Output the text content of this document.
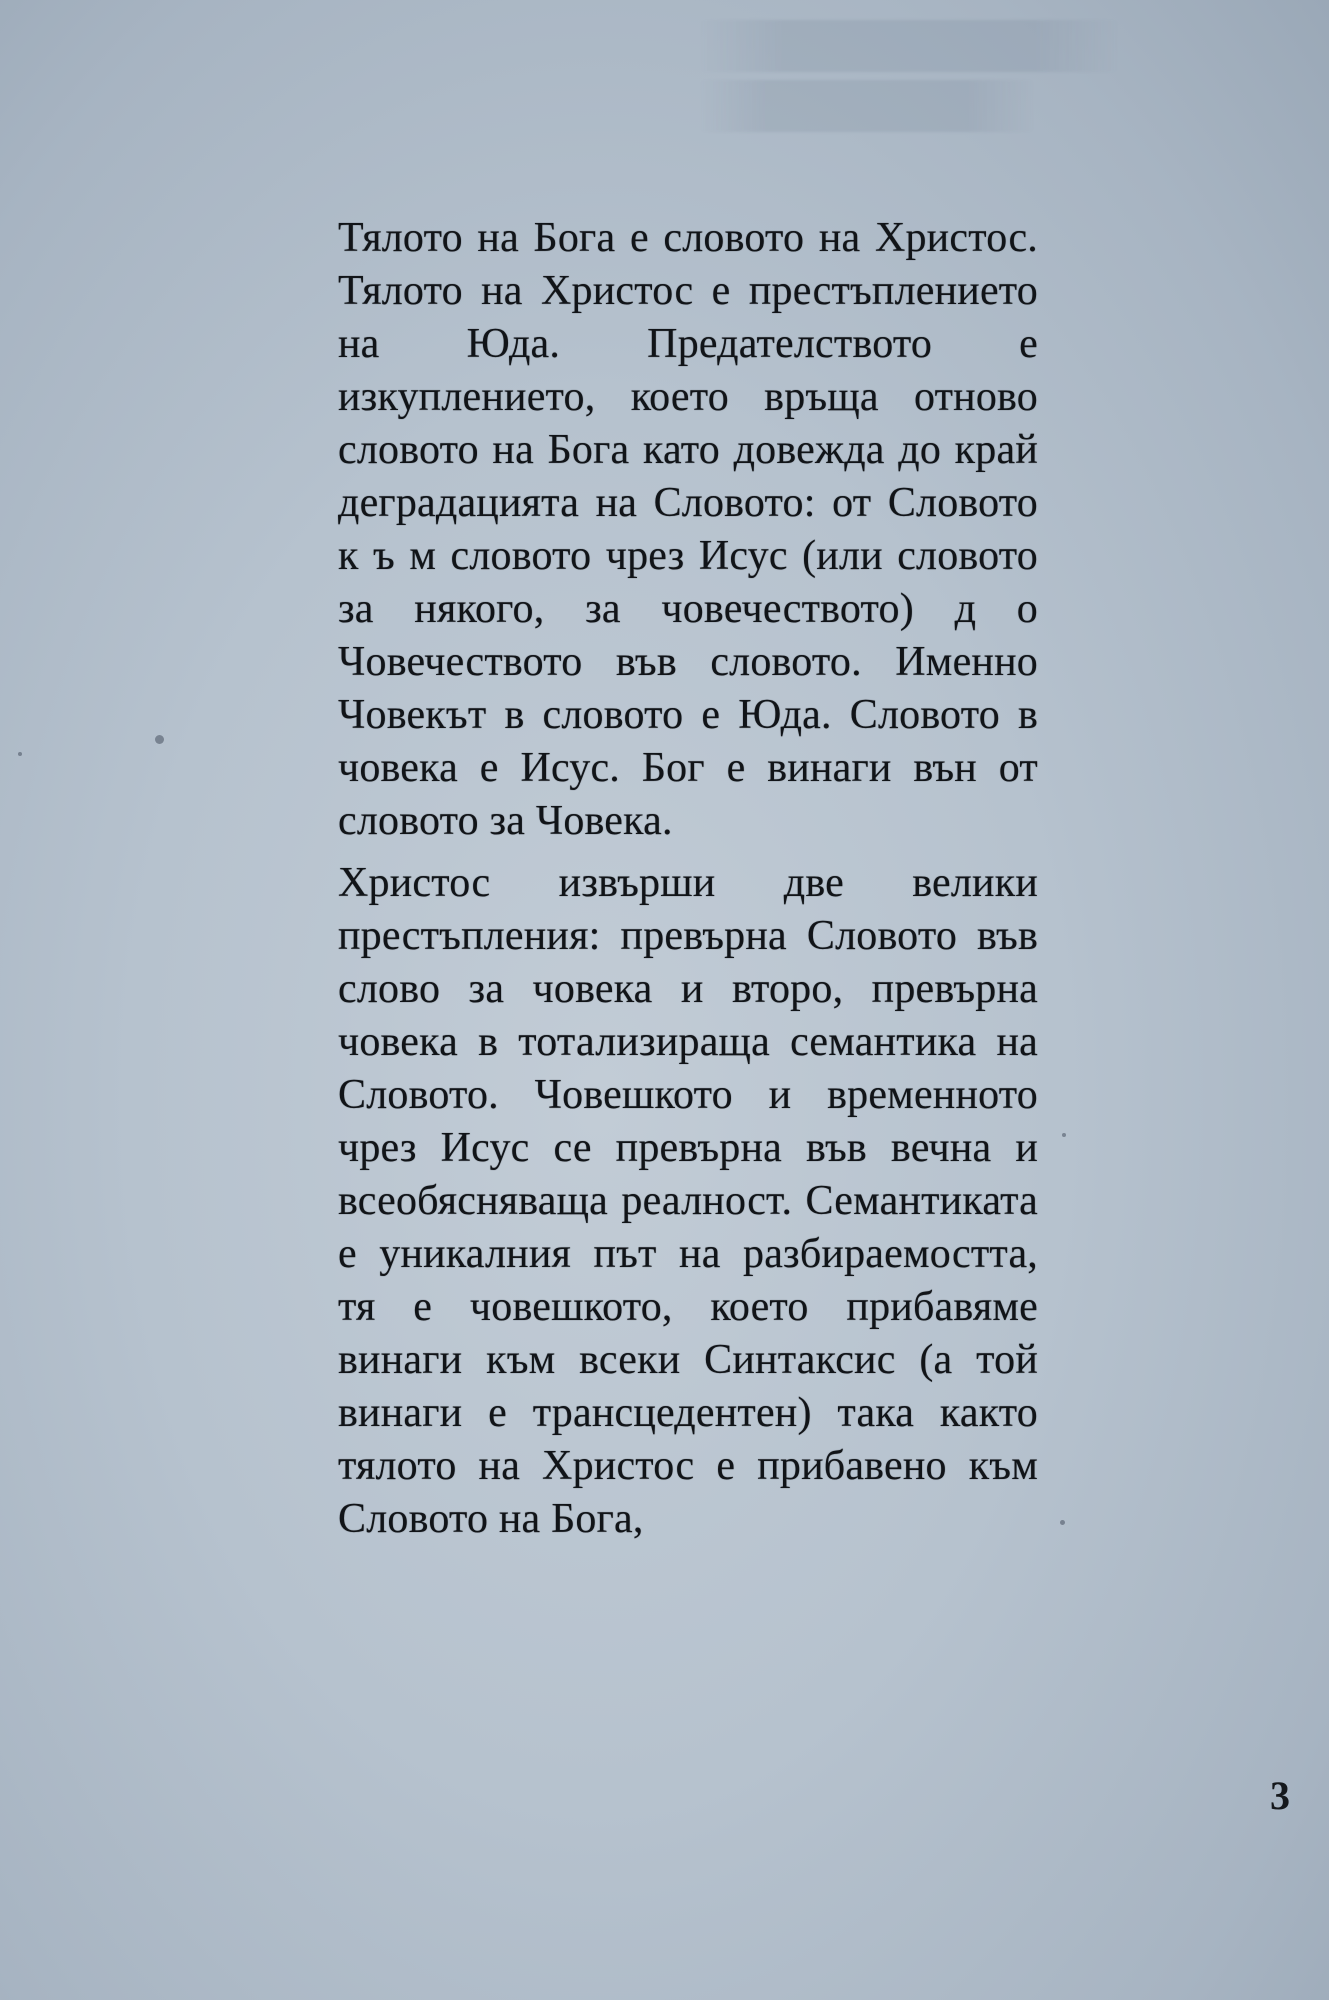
Тялото на Бога е словото на Христос. Тялото на Христос е престъплението на Юда. Предателството е изкуплението, което връща отново словото на Бога като довежда до край деградацията на Словото: от Словото к ъ м словото чрез Исус (или словото за някого, за човечеството) д о Човечеството във словото. Именно Човекът в словото е Юда. Словото в човека е Исус. Бог е винаги вън от словото за Човека.

Христос извърши две велики престъпления: превърна Словото във слово за човека и второ, превърна човека в тотализираща семантика на Словото. Човешкото и временното чрез Исус се превърна във вечна и всеобясняваща реалност. Семантиката е уникалния път на разбираемостта, тя е човешкото, което прибавяме винаги към всеки Синтаксис (а той винаги е трансцедентен) така както тялото на Христос е прибавено към Словото на Бога,

3
